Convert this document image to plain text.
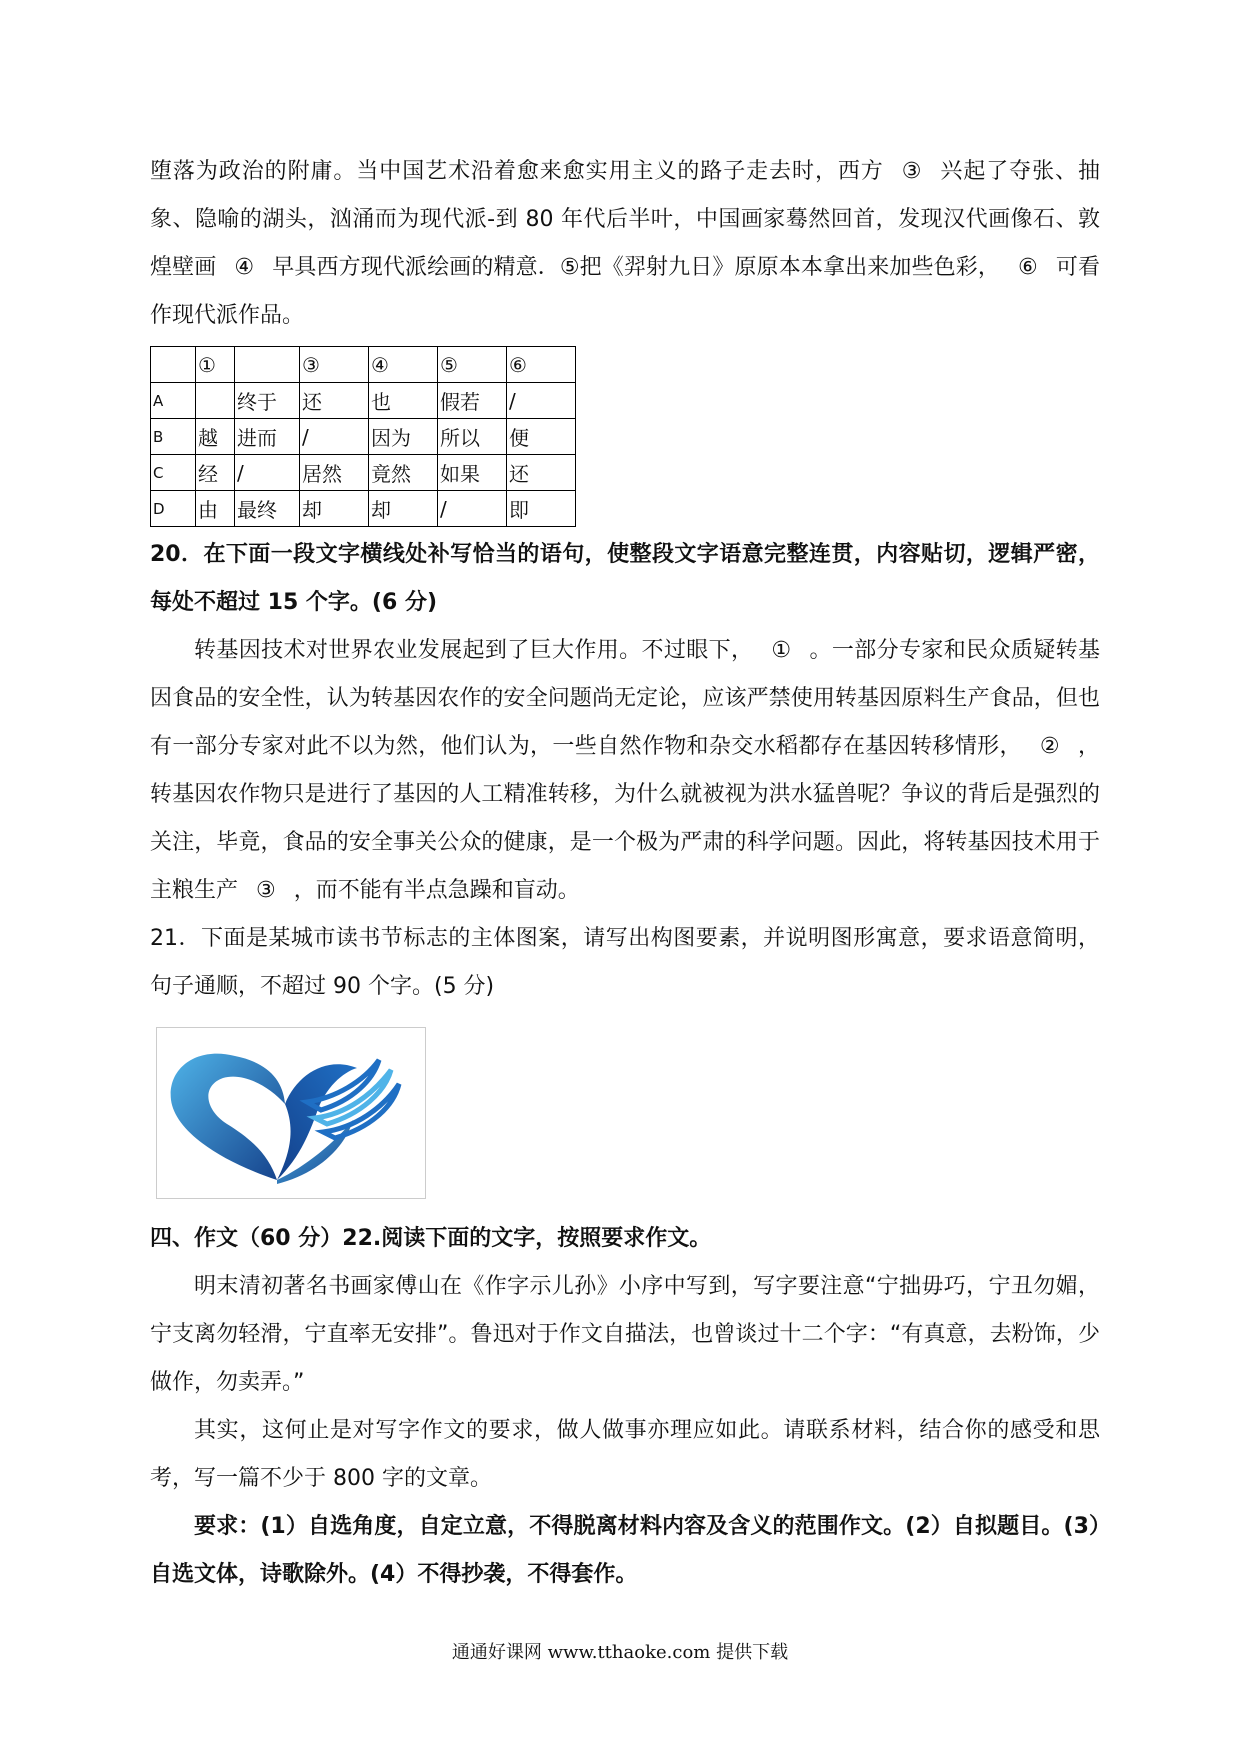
堕落为政治的附庸。当中国艺术沿着愈来愈实用主义的路子走去时，西方 ③ 兴起了夺张、抽象、隐喻的湖头，汹涌而为现代派-到 80 年代后半叶，中国画家蓦然回首，发现汉代画像石、敦煌壁画 ④ 早具西方现代派绘画的精意．⑤把《羿射九日》原原本本拿出来加些色彩， ⑥ 可看作现代派作品。

	①		③	④	⑤	⑥
A		终于	还	也	假若	/
B	越	进而	/	因为	所以	便
C	经	/	居然	竟然	如果	还
D	由	最终	却	却	/	即

20．在下面一段文字横线处补写恰当的语句，使整段文字语意完整连贯，内容贴切，逻辑严密，每处不超过 15 个字。(6 分)

转基因技术对世界农业发展起到了巨大作用。不过眼下， ① 。一部分专家和民众质疑转基因食品的安全性，认为转基因农作的安全问题尚无定论，应该严禁使用转基因原料生产食品，但也有一部分专家对此不以为然，他们认为，一些自然作物和杂交水稻都存在基因转移情形， ② ，转基因农作物只是进行了基因的人工精准转移，为什么就被视为洪水猛兽呢？争议的背后是强烈的关注，毕竟，食品的安全事关公众的健康，是一个极为严肃的科学问题。因此，将转基因技术用于主粮生产 ③ ，而不能有半点急躁和盲动。

21．下面是某城市读书节标志的主体图案，请写出构图要素，并说明图形寓意，要求语意简明，句子通顺，不超过 90 个字。(5 分)

四、作文（60 分）22.阅读下面的文字，按照要求作文。

明末清初著名书画家傅山在《作字示儿孙》小序中写到，写字要注意“宁拙毋巧，宁丑勿媚，宁支离勿轻滑，宁直率无安排”。鲁迅对于作文自描法，也曾谈过十二个字：“有真意，去粉饰，少做作，勿卖弄。”

其实，这何止是对写字作文的要求，做人做事亦理应如此。请联系材料，结合你的感受和思考，写一篇不少于 800 字的文章。

要求：(1）自选角度，自定立意，不得脱离材料内容及含义的范围作文。(2）自拟题目。(3）自选文体，诗歌除外。(4）不得抄袭，不得套作。

通通好课网 www.tthaoke.com 提供下载
